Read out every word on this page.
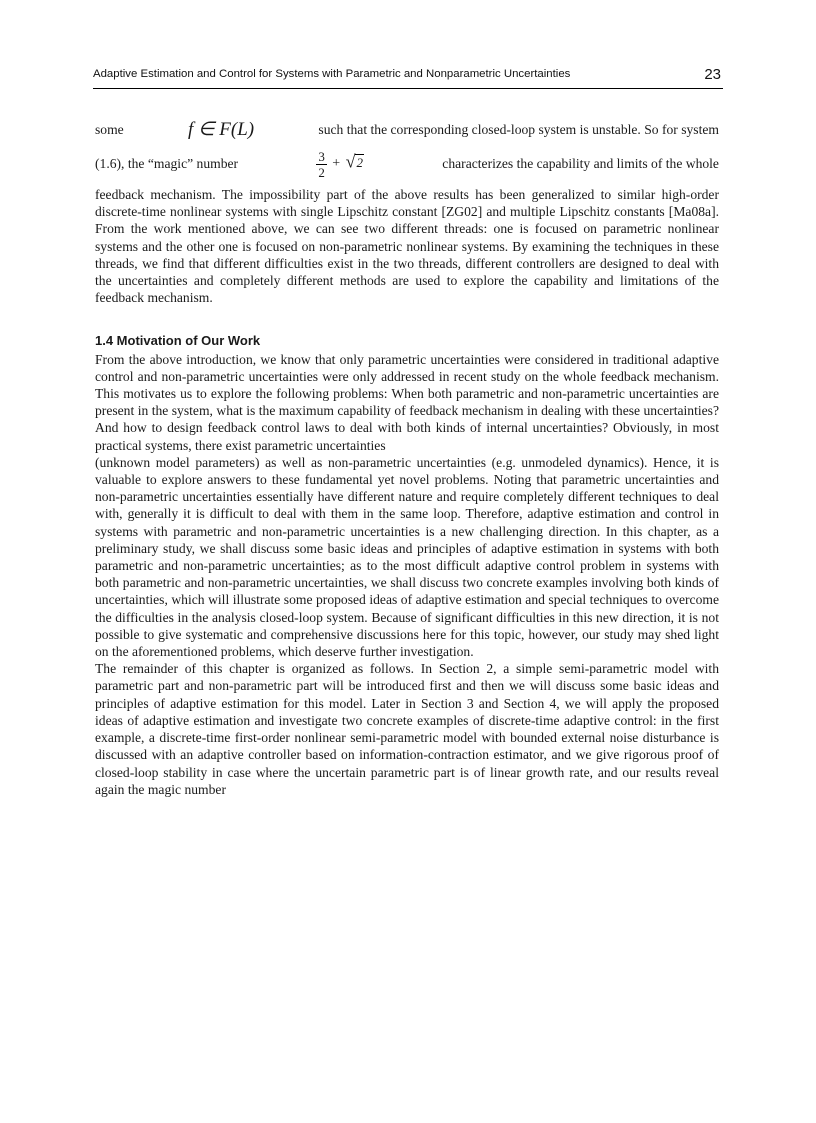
Adaptive Estimation and Control for Systems with Parametric and Nonparametric Uncertainties	23
some	f ∈ F(L)	such that the corresponding closed-loop system is unstable. So for system
(1.6), the “magic” number	$\frac{3}{2} + √2$	characterizes the capability and limits of the whole

feedback mechanism. The impossibility part of the above results has been generalized to similar high-order discrete-time nonlinear systems with single Lipschitz constant [ZG02] and multiple Lipschitz constants [Ma08a]. From the work mentioned above, we can see two different threads: one is focused on parametric nonlinear systems and the other one is focused on non-parametric nonlinear systems. By examining the techniques in these threads, we find that different difficulties exist in the two threads, different controllers are designed to deal with the uncertainties and completely different methods are used to explore the capability and limitations of the feedback mechanism.

1.4 Motivation of Our Work

From the above introduction, we know that only parametric uncertainties were considered in traditional adaptive control and non-parametric uncertainties were only addressed in recent study on the whole feedback mechanism. This motivates us to explore the following problems: When both parametric and non-parametric uncertainties are present in the system, what is the maximum capability of feedback mechanism in dealing with these uncertainties? And how to design feedback control laws to deal with both kinds of internal uncertainties? Obviously, in most practical systems, there exist parametric uncertainties

(unknown model parameters) as well as non-parametric uncertainties (e.g. unmodeled dynamics). Hence, it is valuable to explore answers to these fundamental yet novel problems. Noting that parametric uncertainties and non-parametric uncertainties essentially have different nature and require completely different techniques to deal with, generally it is difficult to deal with them in the same loop. Therefore, adaptive estimation and control in systems with parametric and non-parametric uncertainties is a new challenging direction. In this chapter, as a preliminary study, we shall discuss some basic ideas and principles of adaptive estimation in systems with both parametric and non-parametric uncertainties; as to the most difficult adaptive control problem in systems with both parametric and non-parametric uncertainties, we shall discuss two concrete examples involving both kinds of uncertainties, which will illustrate some proposed ideas of adaptive estimation and special techniques to overcome the difficulties in the analysis closed-loop system. Because of significant difficulties in this new direction, it is not possible to give systematic and comprehensive discussions here for this topic, however, our study may shed light on the aforementioned problems, which deserve further investigation.

The remainder of this chapter is organized as follows. In Section 2, a simple semi-parametric model with parametric part and non-parametric part will be introduced first and then we will discuss some basic ideas and principles of adaptive estimation for this model. Later in Section 3 and Section 4, we will apply the proposed ideas of adaptive estimation and investigate two concrete examples of discrete-time adaptive control: in the first example, a discrete-time first-order nonlinear semi-parametric model with bounded external noise disturbance is discussed with an adaptive controller based on information-contraction estimator, and we give rigorous proof of closed-loop stability in case where the uncertain parametric part is of linear growth rate, and our results reveal again the magic number
